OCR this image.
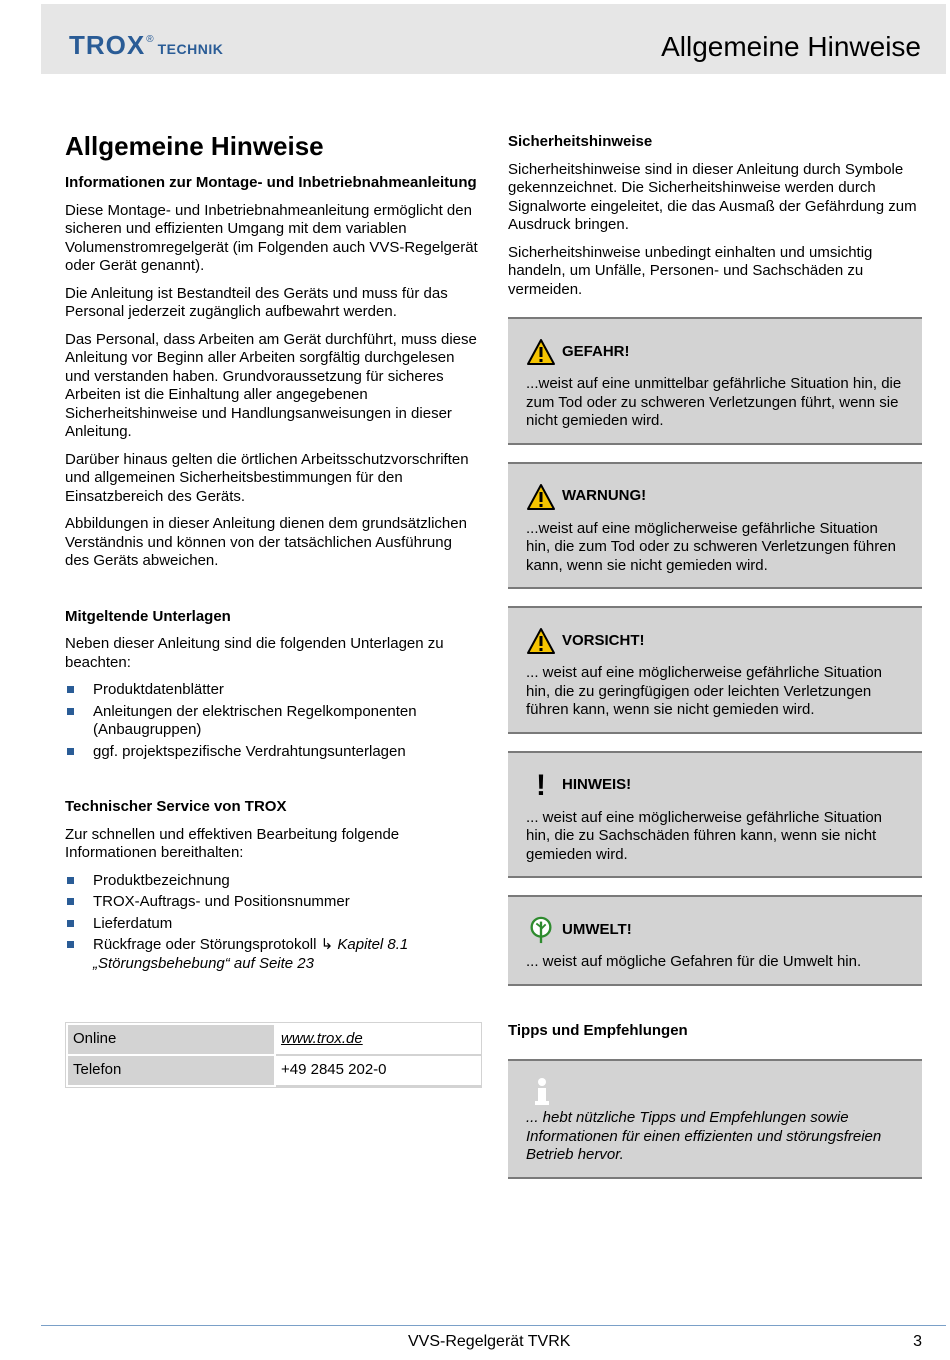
TROX ®
TECHNIK	Allgemeine Hinweise
Allgemeine Hinweise
Informationen zur Montage- und Inbetriebnahmeanleitung

Diese Montage- und Inbetriebnahmeanleitung ermöglicht den sicheren und effizienten Umgang mit dem variablen Volumenstromregelgerät (im Folgenden auch VVS-Regelgerät oder Gerät genannt).

Die Anleitung ist Bestandteil des Geräts und muss für das Personal jederzeit zugänglich aufbewahrt werden.

Das Personal, dass Arbeiten am Gerät durchführt, muss diese Anleitung vor Beginn aller Arbeiten sorgfältig durchgelesen und verstanden haben. Grundvoraussetzung für sicheres Arbeiten ist die Einhaltung aller angegebenen Sicherheitshinweise und Handlungsanweisungen in dieser Anleitung.

Darüber hinaus gelten die örtlichen Arbeitsschutzvorschriften und allgemeinen Sicherheitsbestimmungen für den Einsatzbereich des Geräts.

Abbildungen in dieser Anleitung dienen dem grundsätzlichen Verständnis und können von der tatsächlichen Ausführung des Geräts abweichen.

Mitgeltende Unterlagen

Neben dieser Anleitung sind die folgenden Unterlagen zu beachten:

Produktdatenblätter
Anleitungen der elektrischen Regelkomponenten (Anbaugruppen)
ggf. projektspezifische Verdrahtungsunterlagen
Technischer Service von TROX

Zur schnellen und effektiven Bearbeitung folgende Informationen bereithalten:

Produktbezeichnung
TROX-Auftrags- und Positionsnummer
Lieferdatum
Rückfrage oder Störungsprotokoll ↳ Kapitel 8.1 „Störungsbehebung“ auf Seite 23
Online	www.trox.de
Telefon	+49 2845 202-0
Sicherheitshinweise

Sicherheitshinweise sind in dieser Anleitung durch Symbole gekennzeichnet. Die Sicherheitshinweise werden durch Signalworte eingeleitet, die das Ausmaß der Gefährdung zum Ausdruck bringen.

Sicherheitshinweise unbedingt einhalten und umsichtig handeln, um Unfälle, Personen- und Sachschäden zu vermeiden.

GEFAHR!
...weist auf eine unmittelbar gefährliche Situation hin, die zum Tod oder zu schweren Verletzungen führt, wenn sie nicht gemieden wird.
WARNUNG!
...weist auf eine möglicherweise gefährliche Situation hin, die zum Tod oder zu schweren Verletzungen führen kann, wenn sie nicht gemieden wird.
VORSICHT!
... weist auf eine möglicherweise gefährliche Situation hin, die zu geringfügigen oder leichten Verletzungen führen kann, wenn sie nicht gemieden wird.
!	HINWEIS!
... weist auf eine möglicherweise gefährliche Situation hin, die zu Sachschäden führen kann, wenn sie nicht gemieden wird.
UMWELT!
... weist auf mögliche Gefahren für die Umwelt hin.
Tipps und Empfehlungen
... hebt nützliche Tipps und Empfehlungen sowie Informationen für einen effizienten und störungsfreien Betrieb hervor.
VVS-Regelgerät TVRK	3
